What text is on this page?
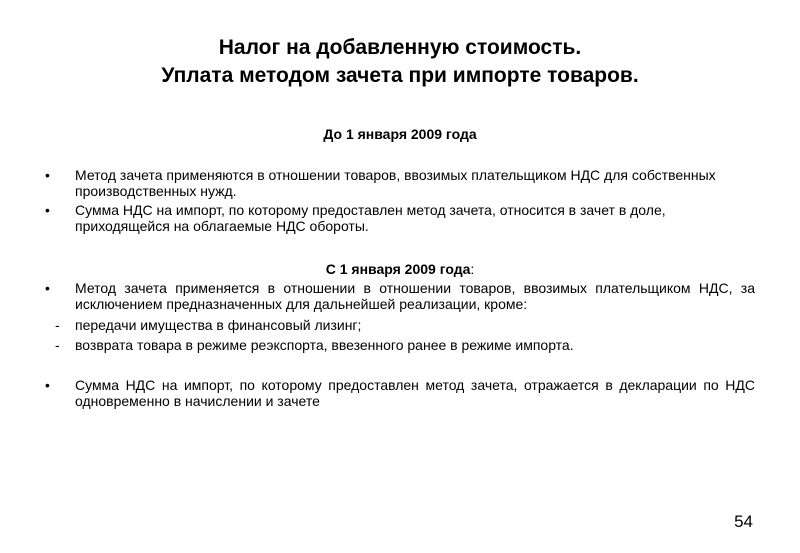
Налог на добавленную стоимость.
Уплата методом зачета при импорте товаров.
До 1 января 2009 года
•	Метод зачета применяются в отношении товаров, ввозимых плательщиком НДС для собственных производственных нужд.
•	Сумма НДС на импорт, по которому предоставлен метод зачета, относится в зачет в доле, приходящейся на облагаемые НДС обороты.
С 1 января 2009 года:
•	Метод зачета применяется в отношении в отношении товаров, ввозимых плательщиком НДС, за исключением предназначенных для дальнейшей реализации, кроме:
- передачи имущества в финансовый лизинг;
- возврата товара в режиме реэкспорта, ввезенного ранее в режиме импорта.
•	Сумма НДС на импорт, по которому предоставлен метод зачета, отражается в декларации по НДС одновременно в начислении и зачете
54
